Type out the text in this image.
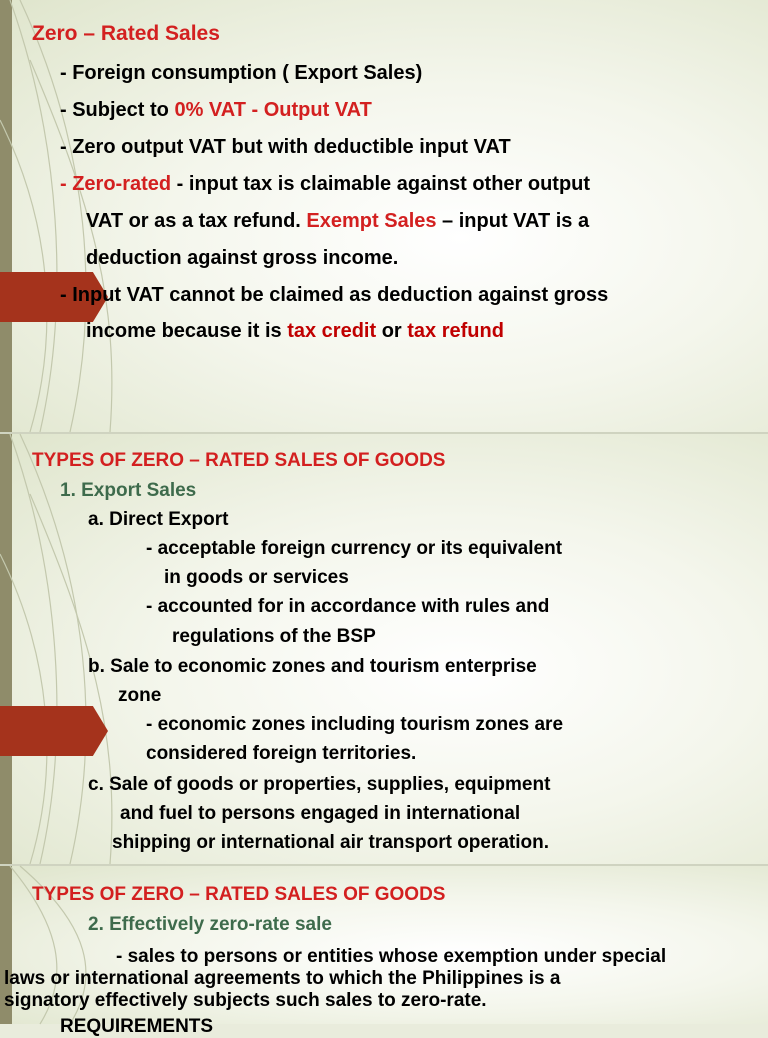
Zero – Rated Sales
- Foreign consumption ( Export Sales)
- Subject to 0% VAT - Output VAT
- Zero output VAT but with deductible input VAT
- Zero-rated - input tax is claimable against other output
VAT or as a tax refund. Exempt Sales – input VAT is a
deduction against gross income.
- Input VAT cannot be claimed as deduction against gross
income because it is tax credit or tax refund
TYPES OF ZERO – RATED SALES OF GOODS
1. Export Sales
a. Direct Export
- acceptable foreign currency or its equivalent
in goods or services
- accounted for in accordance with rules and
regulations of the BSP
b. Sale to economic zones and tourism enterprise
zone
- economic zones including tourism zones are
considered foreign territories.
c. Sale of goods or properties, supplies, equipment
and fuel to persons engaged in international
shipping or international air transport operation.
TYPES OF ZERO – RATED SALES OF GOODS
2. Effectively zero-rate sale
- sales to persons or entities whose exemption under special
laws or international agreements to which the Philippines is a
signatory effectively subjects such sales to zero-rate.
REQUIREMENTS
